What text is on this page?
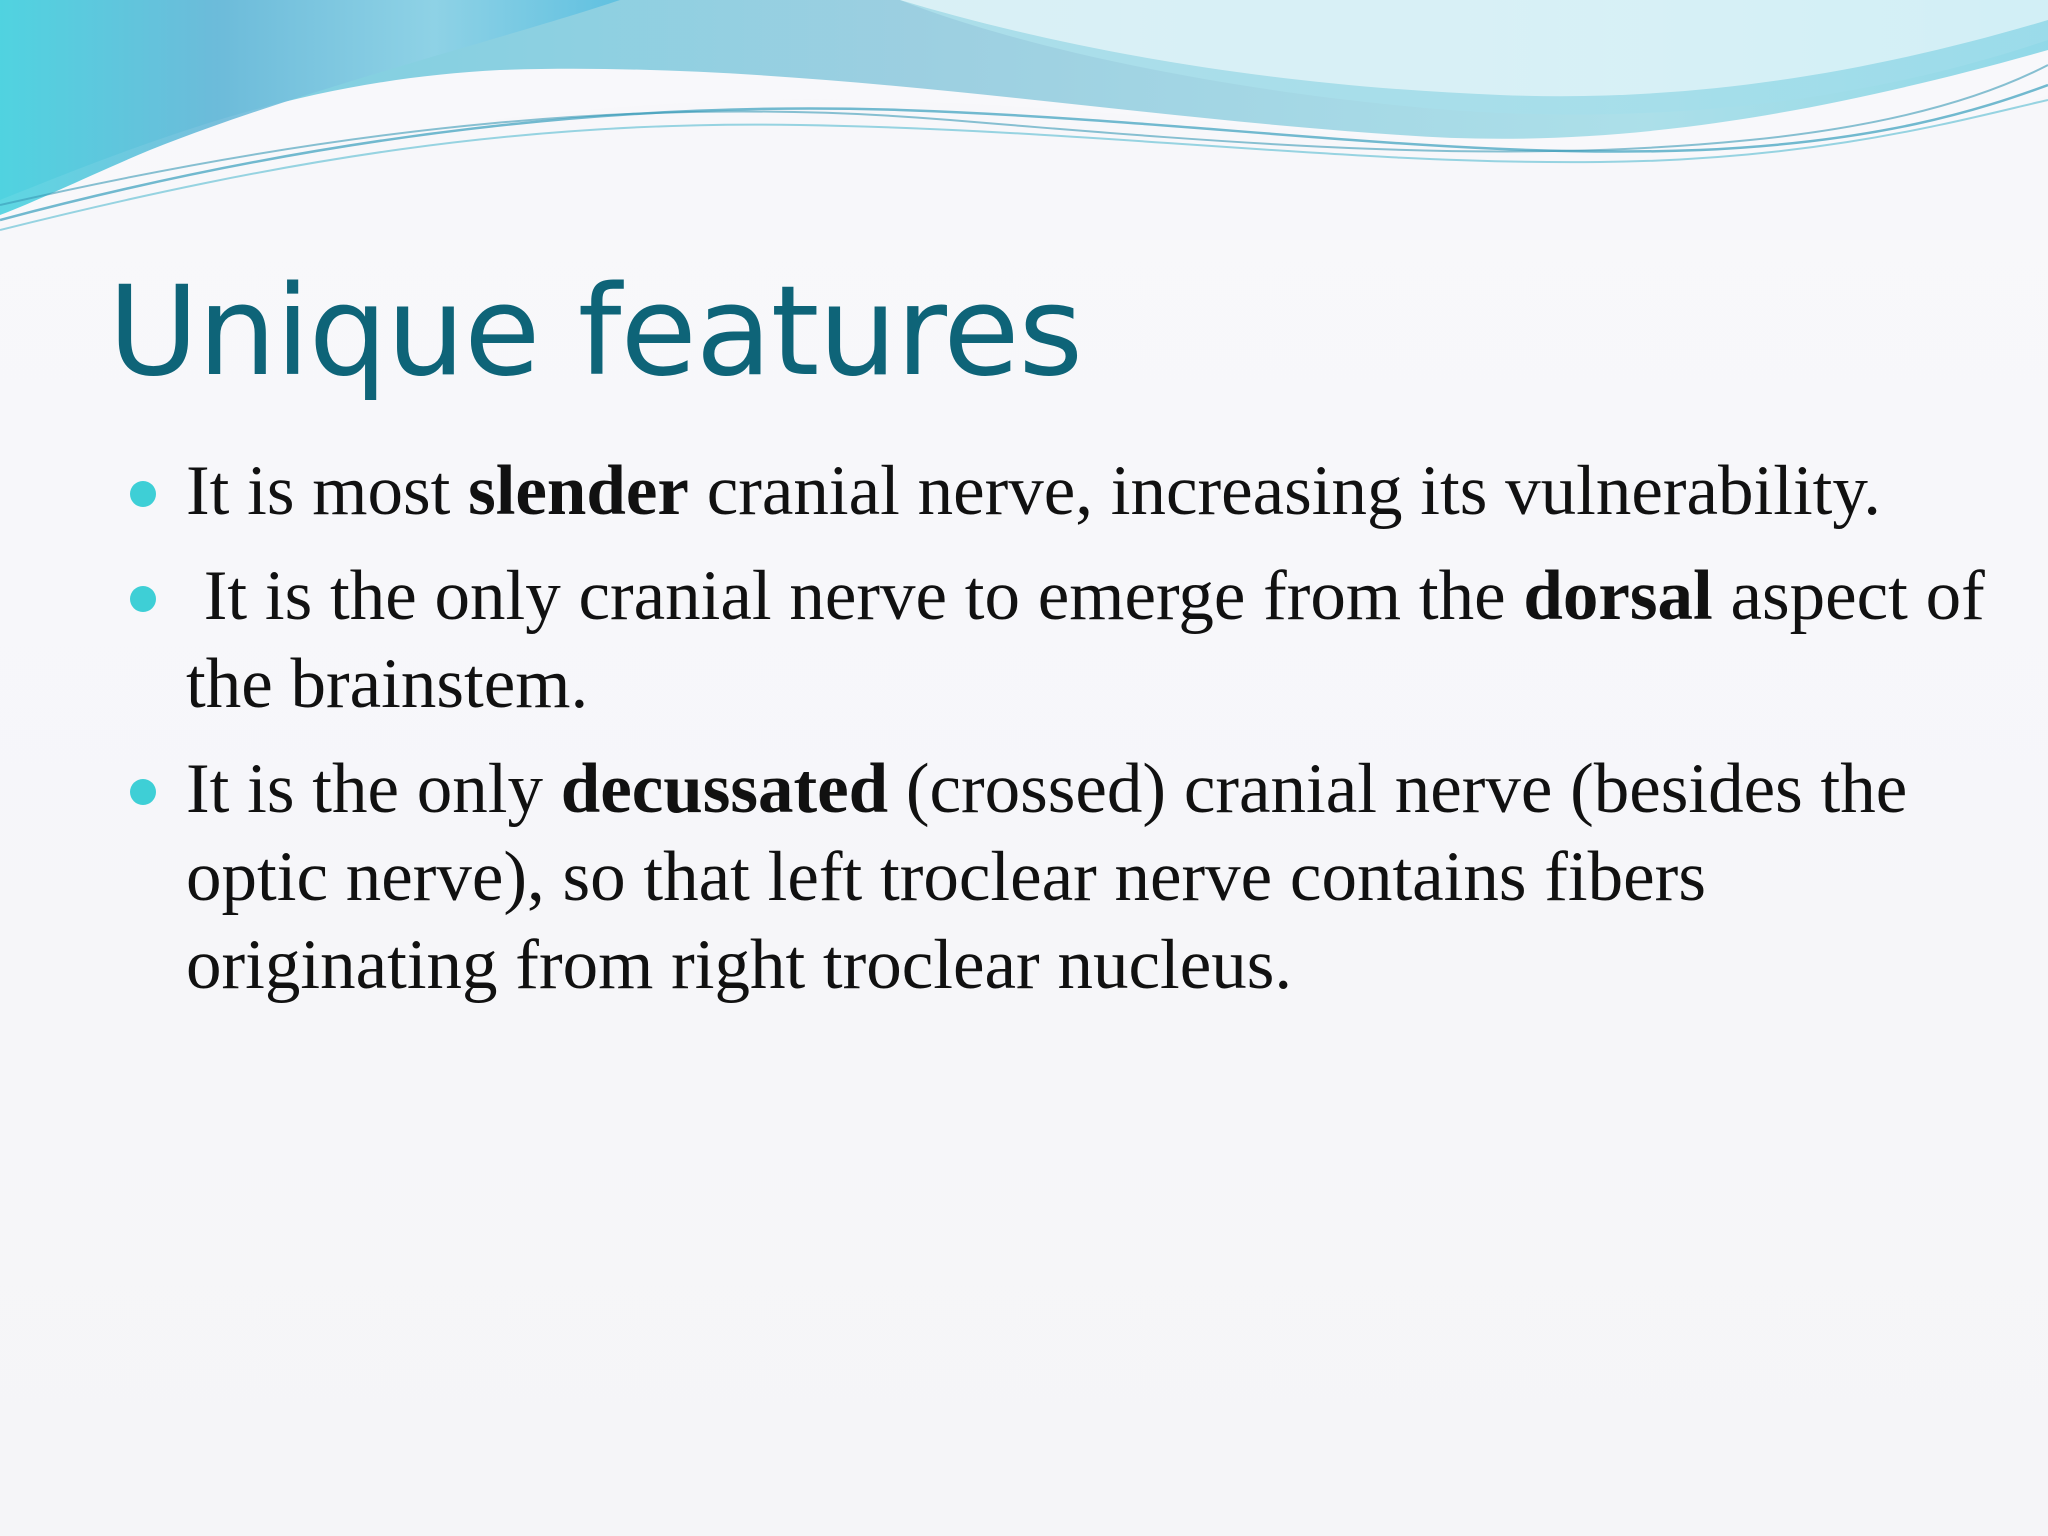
Unique features
It is most slender cranial nerve, increasing its vulnerability.
It is the only cranial nerve to emerge from the dorsal aspect of the brainstem.
It is the only decussated (crossed) cranial nerve (besides the optic nerve), so that left troclear nerve contains fibers originating from right troclear nucleus.
